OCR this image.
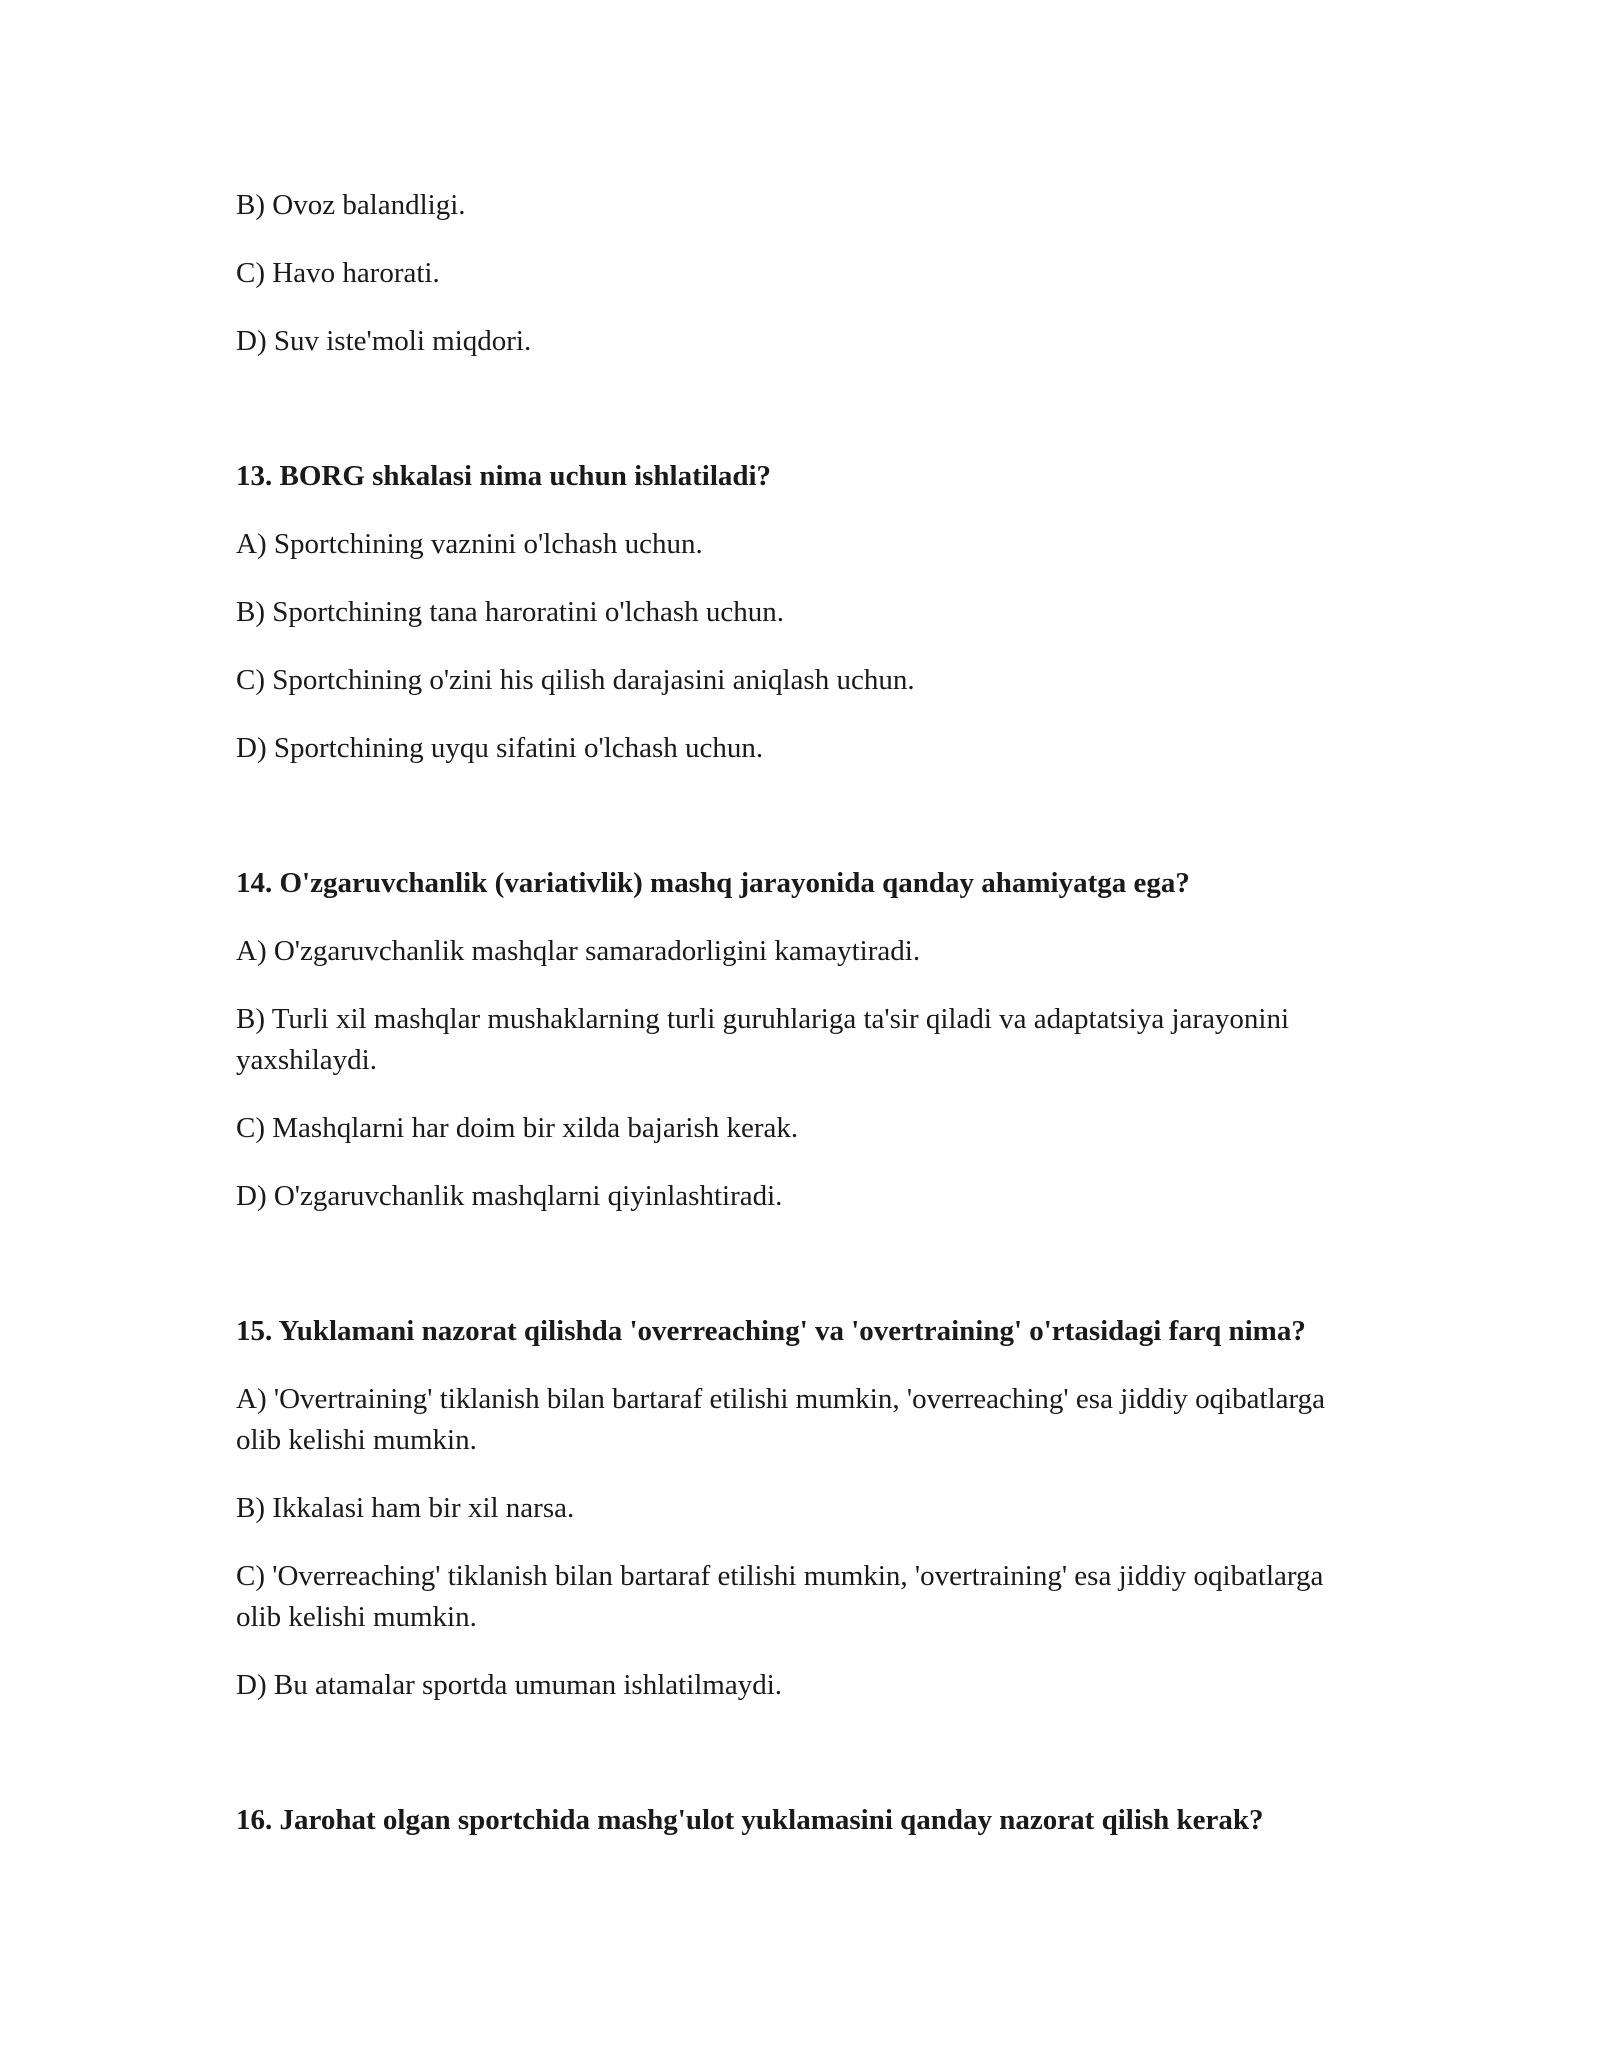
B) Ovoz balandligi.

C) Havo harorati.

D) Suv iste'moli miqdori.

13. BORG shkalasi nima uchun ishlatiladi?

A) Sportchining vaznini o'lchash uchun.

B) Sportchining tana haroratini o'lchash uchun.

C) Sportchining o'zini his qilish darajasini aniqlash uchun.

D) Sportchining uyqu sifatini o'lchash uchun.

14. O'zgaruvchanlik (variativlik) mashq jarayonida qanday ahamiyatga ega?

A) O'zgaruvchanlik mashqlar samaradorligini kamaytiradi.

B) Turli xil mashqlar mushaklarning turli guruhlariga ta'sir qiladi va adaptatsiya jarayonini yaxshilaydi.

C) Mashqlarni har doim bir xilda bajarish kerak.

D) O'zgaruvchanlik mashqlarni qiyinlashtiradi.

15. Yuklamani nazorat qilishda 'overreaching' va 'overtraining' o'rtasidagi farq nima?

A) 'Overtraining' tiklanish bilan bartaraf etilishi mumkin, 'overreaching' esa jiddiy oqibatlarga olib kelishi mumkin.

B) Ikkalasi ham bir xil narsa.

C) 'Overreaching' tiklanish bilan bartaraf etilishi mumkin, 'overtraining' esa jiddiy oqibatlarga olib kelishi mumkin.

D) Bu atamalar sportda umuman ishlatilmaydi.

16. Jarohat olgan sportchida mashg'ulot yuklamasini qanday nazorat qilish kerak?
